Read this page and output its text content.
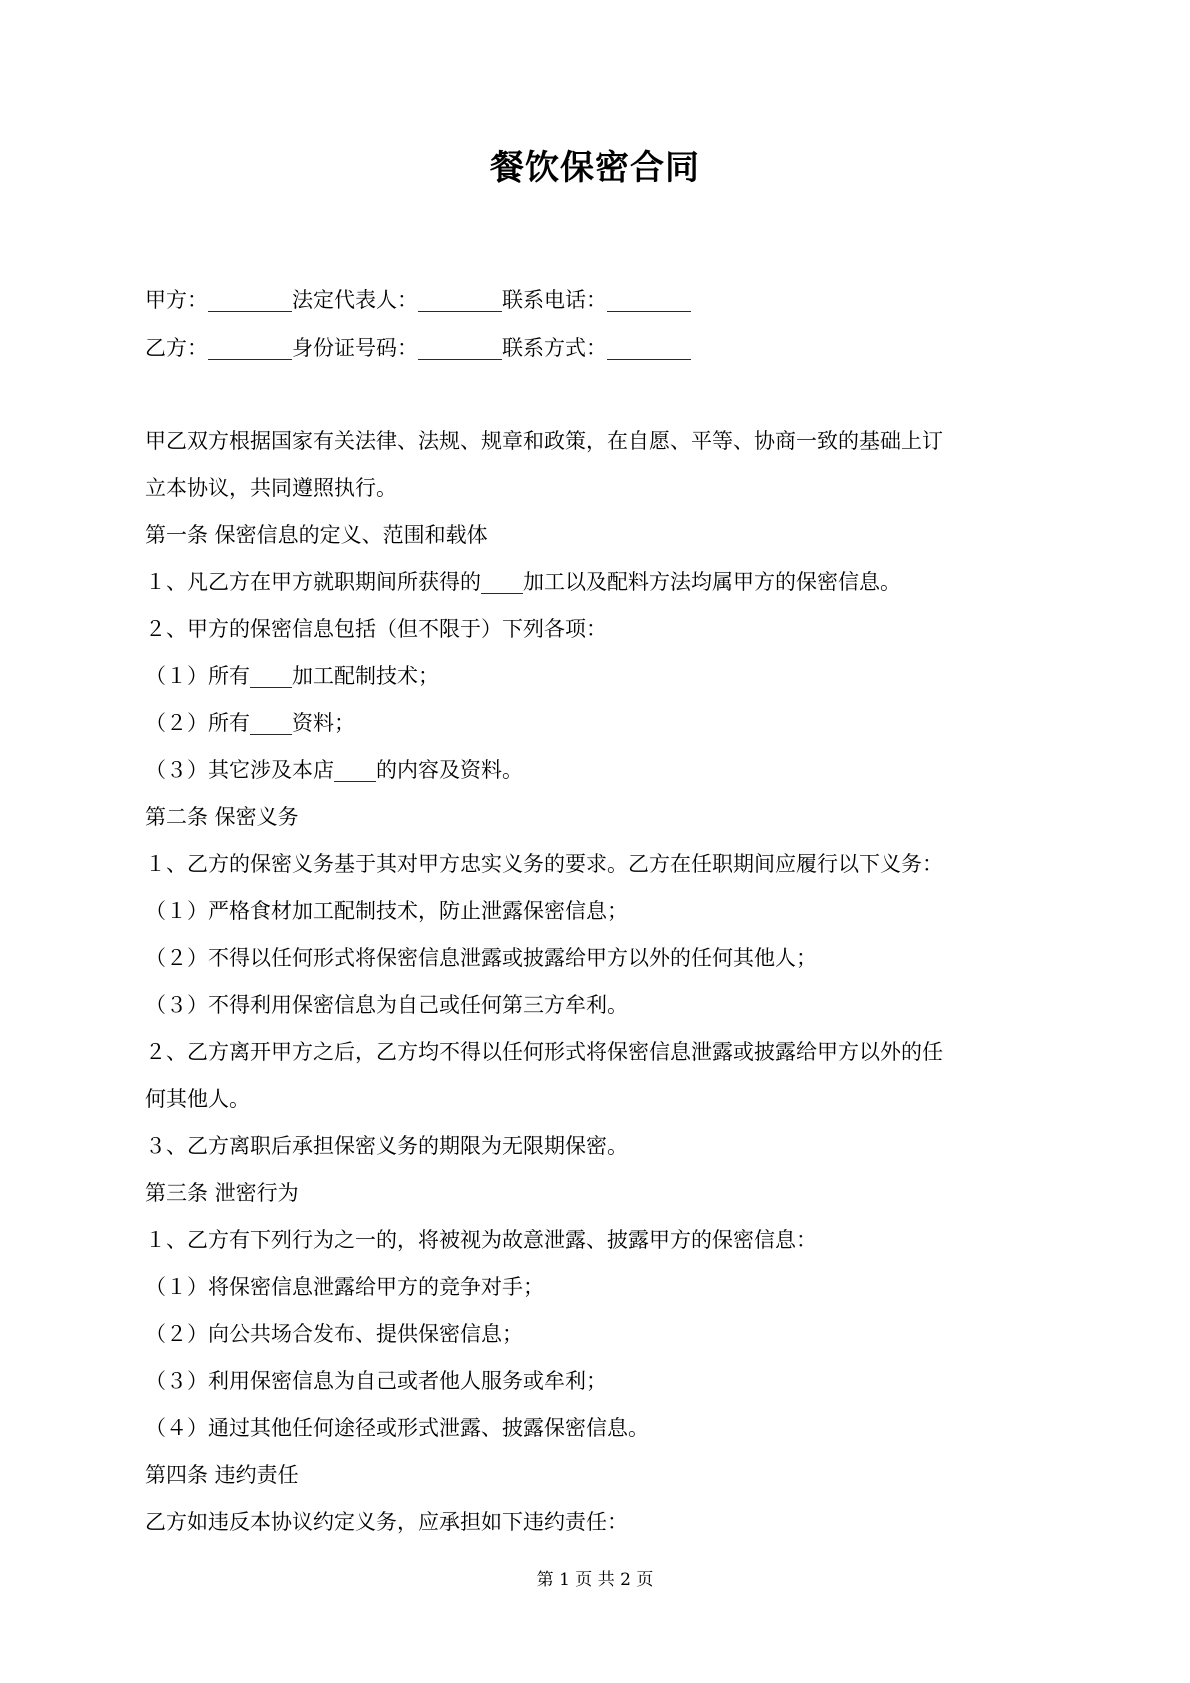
餐饮保密合同
甲方：________法定代表人：________联系电话：________
乙方：________身份证号码：________联系方式：________
甲乙双方根据国家有关法律、法规、规章和政策，在自愿、平等、协商一致的基础上订
立本协议，共同遵照执行。
第一条 保密信息的定义、范围和载体
１、凡乙方在甲方就职期间所获得的____加工以及配料方法均属甲方的保密信息。
２、甲方的保密信息包括（但不限于）下列各项：
（１）所有____加工配制技术；
（２）所有____资料；
（３）其它涉及本店____的内容及资料。
第二条 保密义务
１、乙方的保密义务基于其对甲方忠实义务的要求。乙方在任职期间应履行以下义务：
（１）严格食材加工配制技术，防止泄露保密信息；
（２）不得以任何形式将保密信息泄露或披露给甲方以外的任何其他人；
（３）不得利用保密信息为自己或任何第三方牟利。
２、乙方离开甲方之后，乙方均不得以任何形式将保密信息泄露或披露给甲方以外的任
何其他人。
３、乙方离职后承担保密义务的期限为无限期保密。
第三条 泄密行为
１、乙方有下列行为之一的，将被视为故意泄露、披露甲方的保密信息：
（１）将保密信息泄露给甲方的竞争对手；
（２）向公共场合发布、提供保密信息；
（３）利用保密信息为自己或者他人服务或牟利；
（４）通过其他任何途径或形式泄露、披露保密信息。
第四条 违约责任
乙方如违反本协议约定义务，应承担如下违约责任：
第 1 页 共 2 页
